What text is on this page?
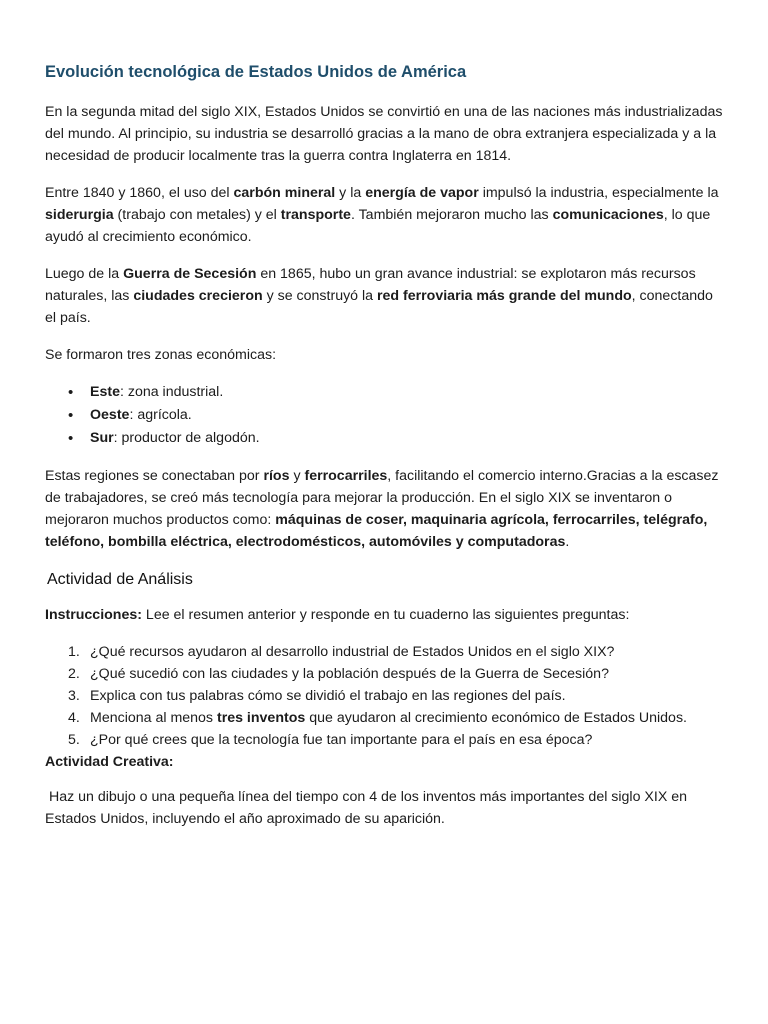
Evolución tecnológica de Estados Unidos de América

En la segunda mitad del siglo XIX, Estados Unidos se convirtió en una de las naciones más industrializadas del mundo. Al principio, su industria se desarrolló gracias a la mano de obra extranjera especializada y a la necesidad de producir localmente tras la guerra contra Inglaterra en 1814.

Entre 1840 y 1860, el uso del carbón mineral y la energía de vapor impulsó la industria, especialmente la siderurgia (trabajo con metales) y el transporte. También mejoraron mucho las comunicaciones, lo que ayudó al crecimiento económico.

Luego de la Guerra de Secesión en 1865, hubo un gran avance industrial: se explotaron más recursos naturales, las ciudades crecieron y se construyó la red ferroviaria más grande del mundo, conectando el país.

Se formaron tres zonas económicas:

• Este: zona industrial.
• Oeste: agrícola.
• Sur: productor de algodón.

Estas regiones se conectaban por ríos y ferrocarriles, facilitando el comercio interno.Gracias a la escasez de trabajadores, se creó más tecnología para mejorar la producción. En el siglo XIX se inventaron o mejoraron muchos productos como: máquinas de coser, maquinaria agrícola, ferrocarriles, telégrafo, teléfono, bombilla eléctrica, electrodomésticos, automóviles y computadoras.

Actividad de Análisis

Instrucciones: Lee el resumen anterior y responde en tu cuaderno las siguientes preguntas:

1. ¿Qué recursos ayudaron al desarrollo industrial de Estados Unidos en el siglo XIX?
2. ¿Qué sucedió con las ciudades y la población después de la Guerra de Secesión?
3. Explica con tus palabras cómo se dividió el trabajo en las regiones del país.
4. Menciona al menos tres inventos que ayudaron al crecimiento económico de Estados Unidos.
5. ¿Por qué crees que la tecnología fue tan importante para el país en esa época?

Actividad Creativa:

Haz un dibujo o una pequeña línea del tiempo con 4 de los inventos más importantes del siglo XIX en Estados Unidos, incluyendo el año aproximado de su aparición.
